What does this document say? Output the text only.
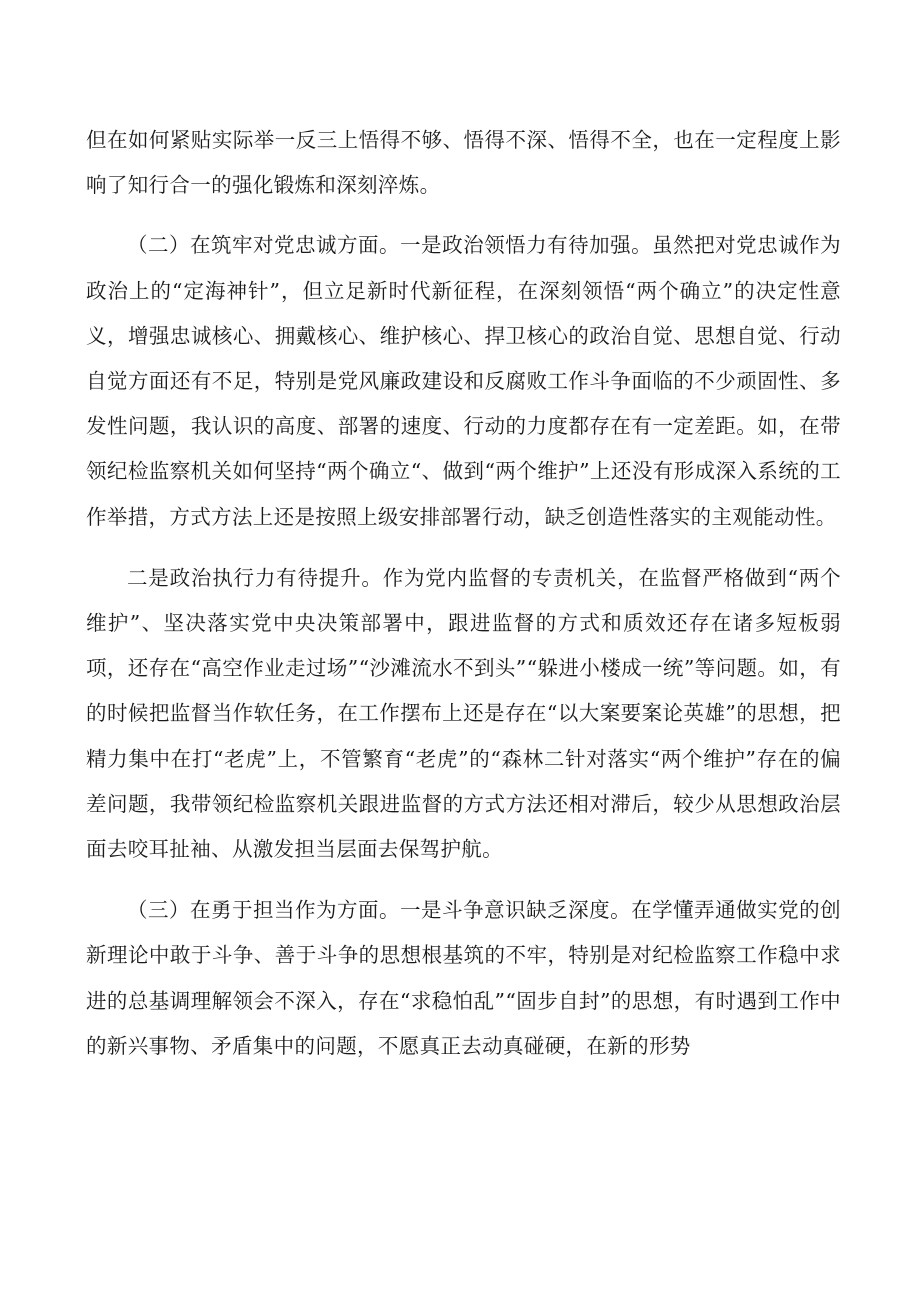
但在如何紧贴实际举一反三上悟得不够、悟得不深、悟得不全，也在一定程度上影响了知行合一的强化锻炼和深刻淬炼。

（二）在筑牢对党忠诚方面。一是政治领悟力有待加强。虽然把对党忠诚作为政治上的“定海神针”，但立足新时代新征程，在深刻领悟“两个确立”的决定性意义，增强忠诚核心、拥戴核心、维护核心、捍卫核心的政治自觉、思想自觉、行动自觉方面还有不足，特别是党风廉政建设和反腐败工作斗争面临的不少顽固性、多发性问题，我认识的高度、部署的速度、行动的力度都存在有一定差距。如，在带领纪检监察机关如何坚持“两个确立“、做到“两个维护”上还没有形成深入系统的工作举措，方式方法上还是按照上级安排部署行动，缺乏创造性落实的主观能动性。

二是政治执行力有待提升。作为党内监督的专责机关，在监督严格做到“两个维护”、坚决落实党中央决策部署中，跟进监督的方式和质效还存在诸多短板弱项，还存在“高空作业走过场”“沙滩流水不到头”“躲进小楼成一统”等问题。如，有的时候把监督当作软任务，在工作摆布上还是存在“以大案要案论英雄”的思想，把精力集中在打“老虎”上，不管繁育“老虎”的“森林二针对落实“两个维护”存在的偏差问题，我带领纪检监察机关跟进监督的方式方法还相对滞后，较少从思想政治层面去咬耳扯袖、从激发担当层面去保驾护航。

（三）在勇于担当作为方面。一是斗争意识缺乏深度。在学懂弄通做实党的创新理论中敢于斗争、善于斗争的思想根基筑的不牢，特别是对纪检监察工作稳中求进的总基调理解领会不深入，存在“求稳怕乱”“固步自封”的思想，有时遇到工作中的新兴事物、矛盾集中的问题，不愿真正去动真碰硬，在新的形势
